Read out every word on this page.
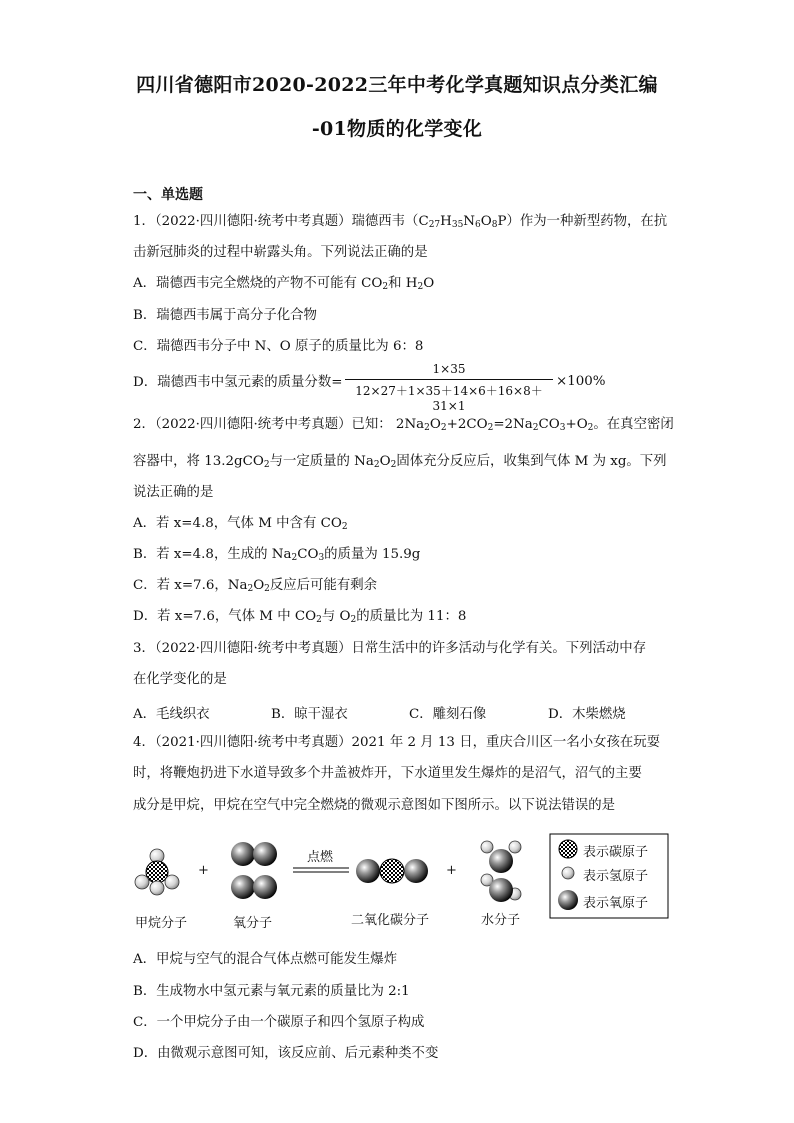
四川省德阳市2020-2022三年中考化学真题知识点分类汇编
-01物质的化学变化
一、单选题
1．（2022·四川德阳·统考中考真题）瑞德西韦$(C_{27}H_{35}N_6O_8P)$作为一种新型药物，在抗
击新冠肺炎的过程中崭露头角。下列说法正确的是
A．瑞德西韦完全燃烧的产物不可能有 $CO_2$和 $H_2O$
B．瑞德西韦属于高分子化合物
C．瑞德西韦分子中 N、O 原子的质量比为 6：8
D．瑞德西韦中氢元素的质量分数=
1×35
12×27＋1×35＋14×6＋16×8＋31×1
×100%
2．（2022·四川德阳·统考中考真题）已知： $2Na_2O_2+2CO_2=2Na_2CO_3+O_2$。在真空密闭
容器中，将 13.2gCO$_2$与一定质量的 $Na_2O_2$固体充分反应后，收集到气体 M 为 xg。下列
说法正确的是
A．若 x=4.8，气体 M 中含有 $CO_2$
B．若 x=4.8，生成的 $Na_2CO_3$的质量为 15.9g
C．若 x=7.6，$Na_2O_2$反应后可能有剩余
D．若 x=7.6，气体 M 中 $CO_2$与 $O_2$的质量比为 11：8
3．（2022·四川德阳·统考中考真题）日常生活中的许多活动与化学有关。下列活动中存
在化学变化的是
A．毛线织衣	B．晾干湿衣	C．雕刻石像	D．木柴燃烧
4．（2021·四川德阳·统考中考真题）2021 年 2 月 13 日，重庆合川区一名小女孩在玩耍
时，将鞭炮扔进下水道导致多个井盖被炸开，下水道里发生爆炸的是沼气，沼气的主要
成分是甲烷，甲烷在空气中完全燃烧的微观示意图如下图所示。以下说法错误的是
+	+
点燃
甲烷分子	氧分子	二氧化碳分子	水分子
表示碳原子
表示氢原子
表示氧原子
A．甲烷与空气的混合气体点燃可能发生爆炸
B．生成物水中氢元素与氧元素的质量比为 2:1
C．一个甲烷分子由一个碳原子和四个氢原子构成
D．由微观示意图可知，该反应前、后元素种类不变
